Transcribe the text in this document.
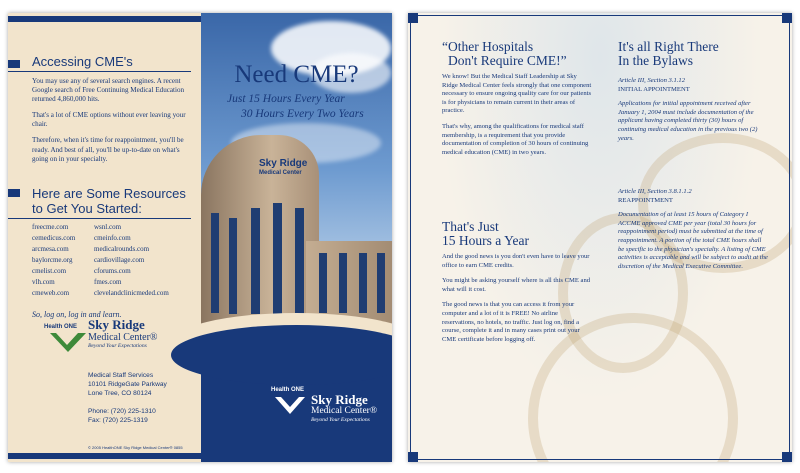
Accessing CME's

You may use any of several search engines. A recent Google search of Free Continuing Medical Education returned 4,860,000 hits.

That's a lot of CME options without ever leaving your chair.

Therefore, when it's time for reappointment, you'll be ready. And best of all, you'll be up-to-date on what's going on in your specialty.

Here are Some Resources
to Get You Started:
freecme.com
cemedicus.com
arcmesa.com
baylorcme.org
cmelist.com
vlh.com
cmeweb.com
wsnl.com
cmeinfo.com
medicalrounds.com
cardiovillage.com
cforums.com
fmes.com
clevelandclinicmeded.com
So, log on, log in and learn.
Health ONE Sky Ridge
Medical Center®
Beyond Your Expectations
Medical Staff Services
10101 RidgeGate Parkway
Lone Tree, CO 80124
Phone: (720) 225-1310
Fax: (720) 225-1319
© 2005 HealthONE Sky Ridge Medical Center® 0855
Need CME?
Just 15 Hours Every Year
30 Hours Every Two Years
Sky Ridge
Medical Center
Health ONE
Sky Ridge
Medical Center®
Beyond Your Expectations
“Other Hospitals
Don't Require CME!”

We know! But the Medical Staff Leadership at Sky Ridge Medical Center feels strongly that one component necessary to ensure ongoing quality care for our patients is for physicians to remain current in their areas of practice.

That's why, among the qualifications for medical staff membership, is a requirement that you provide documentation of completion of 30 hours of continuing medical education (CME) in two years.

That's Just
15 Hours a Year

And the good news is you don't even have to leave your office to earn CME credits.

You might be asking yourself where is all this CME and what will it cost.

The good news is that you can access it from your computer and a lot of it is FREE! No airline reservations, no hotels, no traffic. Just log on, find a course, complete it and in many cases print out your CME certificate before logging off.

It's all Right There
In the Bylaws
Article III, Section 3.1.12
INITIAL APPOINTMENT

Applications for initial appointment received after January 1, 2004 must include documentation of the applicant having completed thirty (30) hours of continuing medical education in the previous two (2) years.

Article III, Section 3.8.1.1.2
REAPPOINTMENT

Documentation of at least 15 hours of Category I ACCME approved CME per year (total 30 hours for reappointment period) must be submitted at the time of reappointment. A portion of the total CME hours shall be specific to the physician's specialty. A listing of CME activities is acceptable and will be subject to audit at the discretion of the Medical Executive Committee.
